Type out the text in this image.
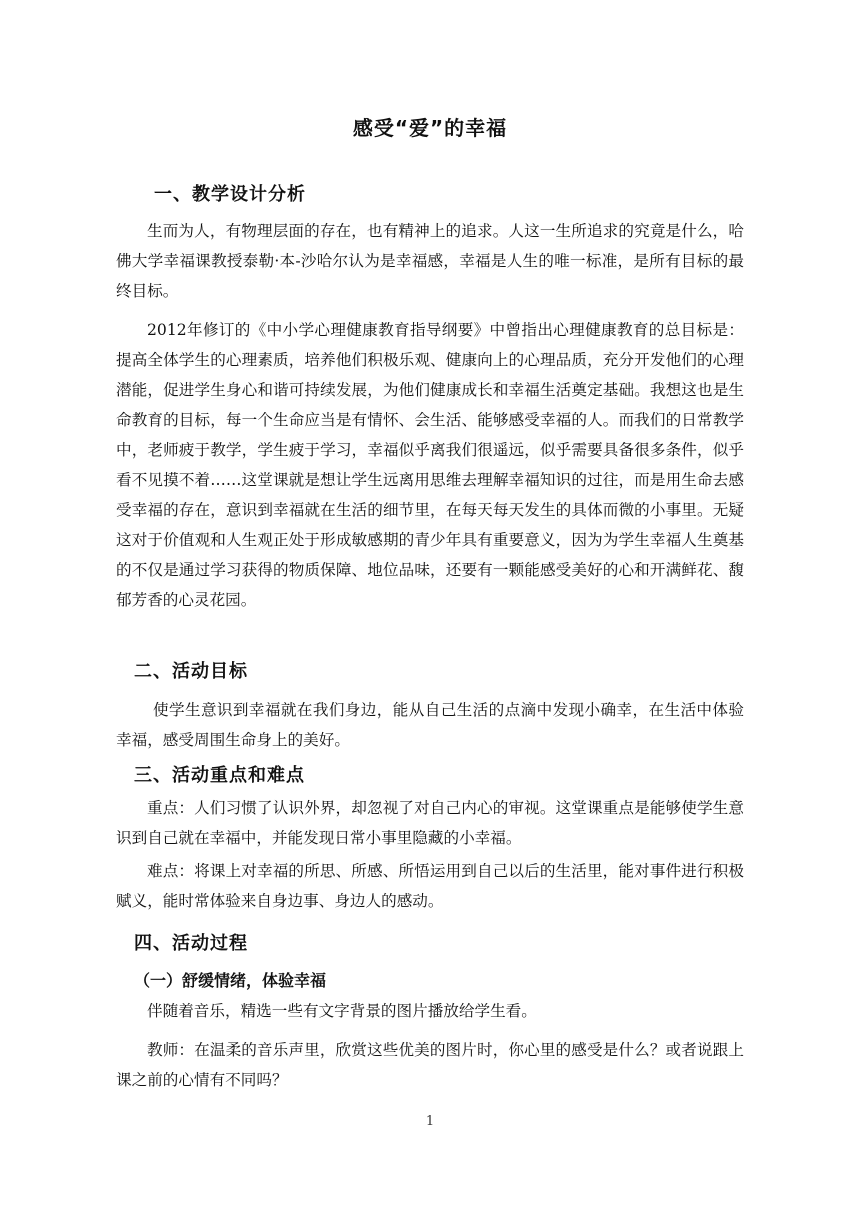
感受“爱”的幸福
一、教学设计分析

生而为人，有物理层面的存在，也有精神上的追求。人这一生所追求的究竟是什么，哈佛大学幸福课教授泰勒·本-沙哈尔认为是幸福感，幸福是人生的唯一标准，是所有目标的最终目标。

2012年修订的《中小学心理健康教育指导纲要》中曾指出心理健康教育的总目标是：提高全体学生的心理素质，培养他们积极乐观、健康向上的心理品质，充分开发他们的心理潜能，促进学生身心和谐可持续发展，为他们健康成长和幸福生活奠定基础。我想这也是生命教育的目标，每一个生命应当是有情怀、会生活、能够感受幸福的人。而我们的日常教学中，老师疲于教学，学生疲于学习，幸福似乎离我们很遥远，似乎需要具备很多条件，似乎看不见摸不着……这堂课就是想让学生远离用思维去理解幸福知识的过往，而是用生命去感受幸福的存在，意识到幸福就在生活的细节里，在每天每天发生的具体而微的小事里。无疑这对于价值观和人生观正处于形成敏感期的青少年具有重要意义，因为为学生幸福人生奠基的不仅是通过学习获得的物质保障、地位品味，还要有一颗能感受美好的心和开满鲜花、馥郁芳香的心灵花园。

二、活动目标

使学生意识到幸福就在我们身边，能从自己生活的点滴中发现小确幸，在生活中体验幸福，感受周围生命身上的美好。

三、活动重点和难点

重点：人们习惯了认识外界，却忽视了对自己内心的审视。这堂课重点是能够使学生意识到自己就在幸福中，并能发现日常小事里隐藏的小幸福。

难点：将课上对幸福的所思、所感、所悟运用到自己以后的生活里，能对事件进行积极赋义，能时常体验来自身边事、身边人的感动。

四、活动过程
（一）舒缓情绪，体验幸福

伴随着音乐，精选一些有文字背景的图片播放给学生看。

教师：在温柔的音乐声里，欣赏这些优美的图片时，你心里的感受是什么？或者说跟上课之前的心情有不同吗？

1
